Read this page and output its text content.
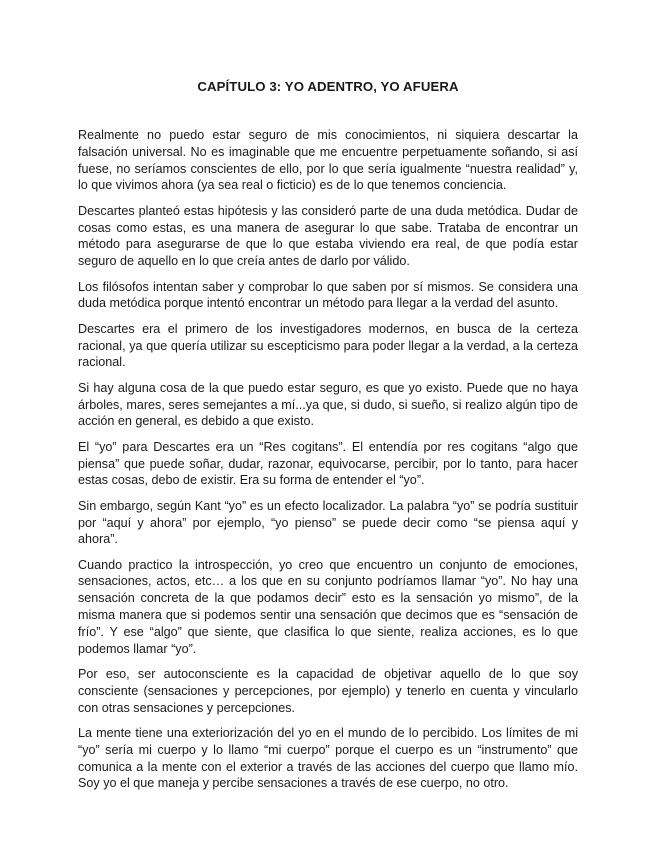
CAPÍTULO 3: YO ADENTRO, YO AFUERA

Realmente no puedo estar seguro de mis conocimientos, ni siquiera descartar la falsación universal. No es imaginable que me encuentre perpetuamente soñando, si así fuese, no seríamos conscientes de ello, por lo que sería igualmente “nuestra realidad” y, lo que vivimos ahora (ya sea real o ficticio) es de lo que tenemos conciencia.

Descartes planteó estas hipótesis y las consideró parte de una duda metódica. Dudar de cosas como estas, es una manera de asegurar lo que sabe. Trataba de encontrar un método para asegurarse de que lo que estaba viviendo era real, de que podía estar seguro de aquello en lo que creía antes de darlo por válido.

Los filósofos intentan saber y comprobar lo que saben por sí mismos. Se considera una duda metódica porque intentó encontrar un método para llegar a la verdad del asunto.

Descartes era el primero de los investigadores modernos, en busca de la certeza racional, ya que quería utilizar su escepticismo para poder llegar a la verdad, a la certeza racional.

Si hay alguna cosa de la que puedo estar seguro, es que yo existo. Puede que no haya árboles, mares, seres semejantes a mí...ya que, si dudo, si sueño, si realizo algún tipo de acción en general, es debido a que existo.

El “yo” para Descartes era un “Res cogitans”. El entendía por res cogitans “algo que piensa” que puede soñar, dudar, razonar, equivocarse, percibir, por lo tanto, para hacer estas cosas, debo de existir. Era su forma de entender el “yo”.

Sin embargo, según Kant “yo” es un efecto localizador. La palabra “yo” se podría sustituir por “aquí y ahora” por ejemplo, “yo pienso” se puede decir como “se piensa aquí y ahora”.

Cuando practico la introspección, yo creo que encuentro un conjunto de emociones, sensaciones, actos, etc… a los que en su conjunto podríamos llamar “yo”. No hay una sensación concreta de la que podamos decir” esto es la sensación yo mismo”, de la misma manera que si podemos sentir una sensación que decimos que es “sensación de frío”. Y ese “algo” que siente, que clasifica lo que siente, realiza acciones, es lo que podemos llamar “yo”.

Por eso, ser autoconsciente es la capacidad de objetivar aquello de lo que soy consciente (sensaciones y percepciones, por ejemplo) y tenerlo en cuenta y vincularlo con otras sensaciones y percepciones.

La mente tiene una exteriorización del yo en el mundo de lo percibido. Los límites de mi “yo” sería mi cuerpo y lo llamo “mi cuerpo” porque el cuerpo es un “instrumento” que comunica a la mente con el exterior a través de las acciones del cuerpo que llamo mío. Soy yo el que maneja y percibe sensaciones a través de ese cuerpo, no otro.
